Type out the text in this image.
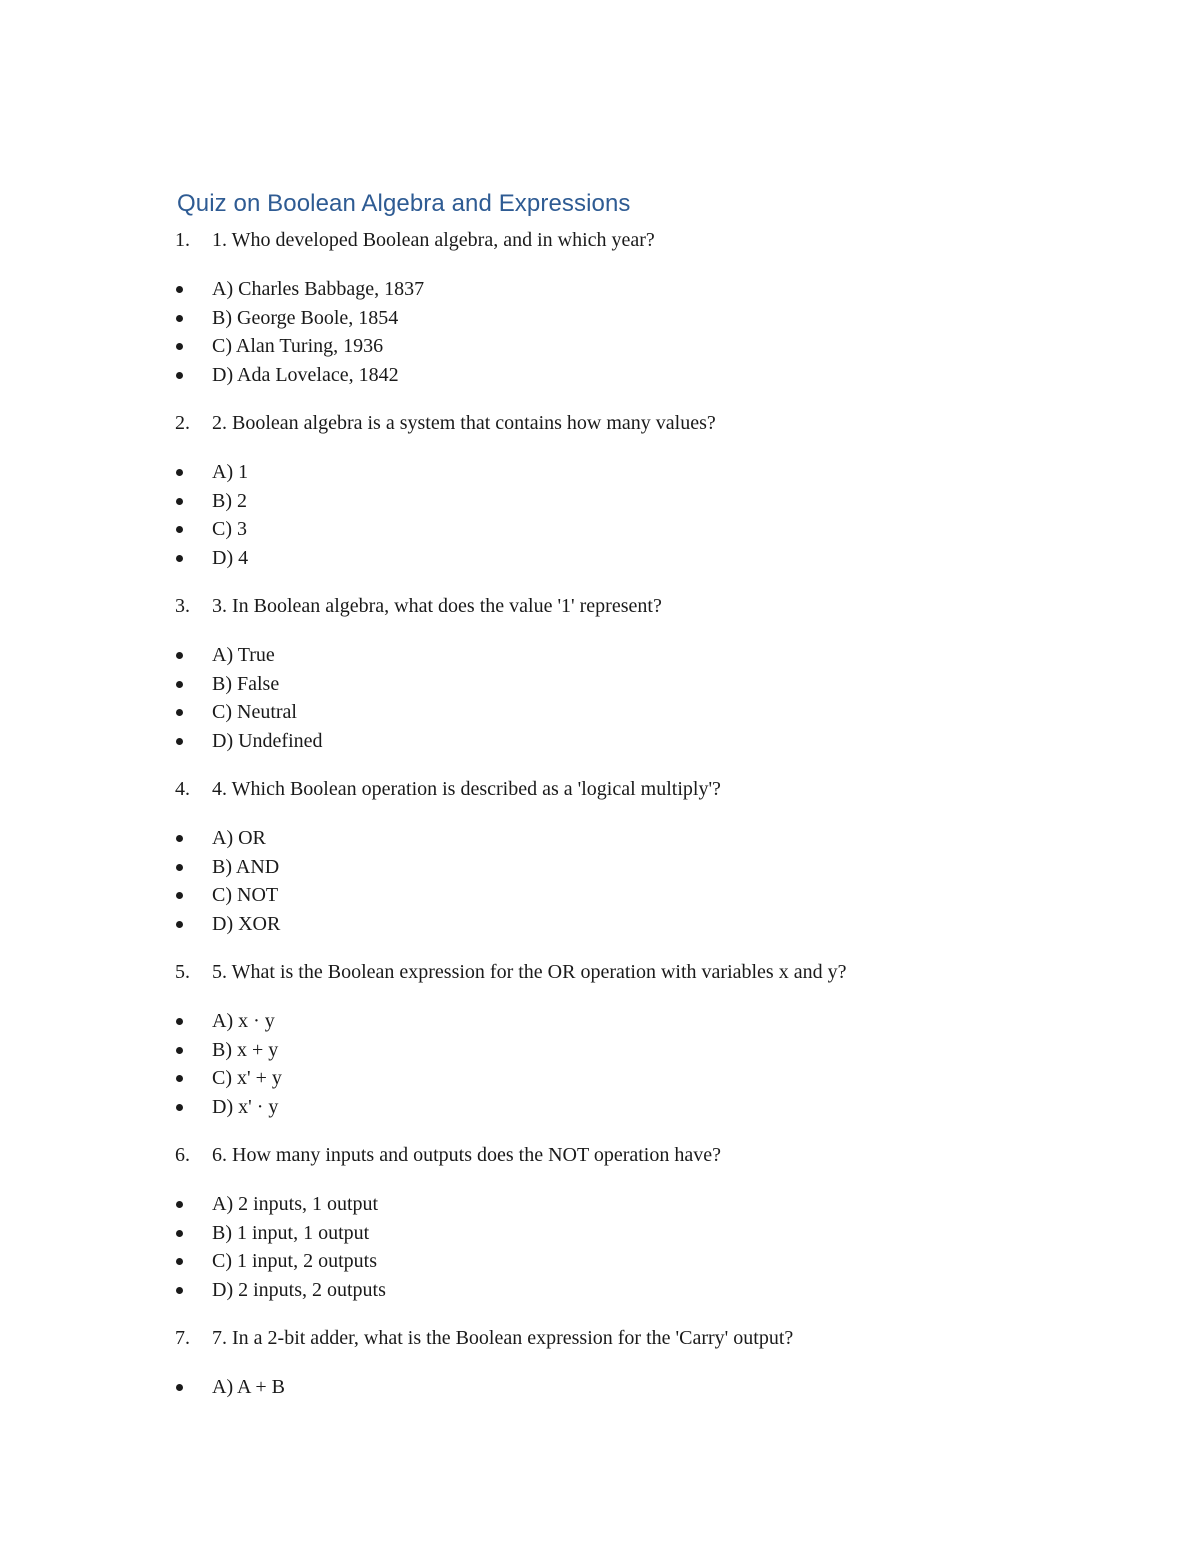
Quiz on Boolean Algebra and Expressions
1. 1. Who developed Boolean algebra, and in which year?
A) Charles Babbage, 1837
B) George Boole, 1854
C) Alan Turing, 1936
D) Ada Lovelace, 1842
2. 2. Boolean algebra is a system that contains how many values?
A) 1
B) 2
C) 3
D) 4
3. 3. In Boolean algebra, what does the value '1' represent?
A) True
B) False
C) Neutral
D) Undefined
4. 4. Which Boolean operation is described as a 'logical multiply'?
A) OR
B) AND
C) NOT
D) XOR
5. 5. What is the Boolean expression for the OR operation with variables x and y?
A) x · y
B) x + y
C) x' + y
D) x' · y
6. 6. How many inputs and outputs does the NOT operation have?
A) 2 inputs, 1 output
B) 1 input, 1 output
C) 1 input, 2 outputs
D) 2 inputs, 2 outputs
7. 7. In a 2-bit adder, what is the Boolean expression for the 'Carry' output?
A) A + B
